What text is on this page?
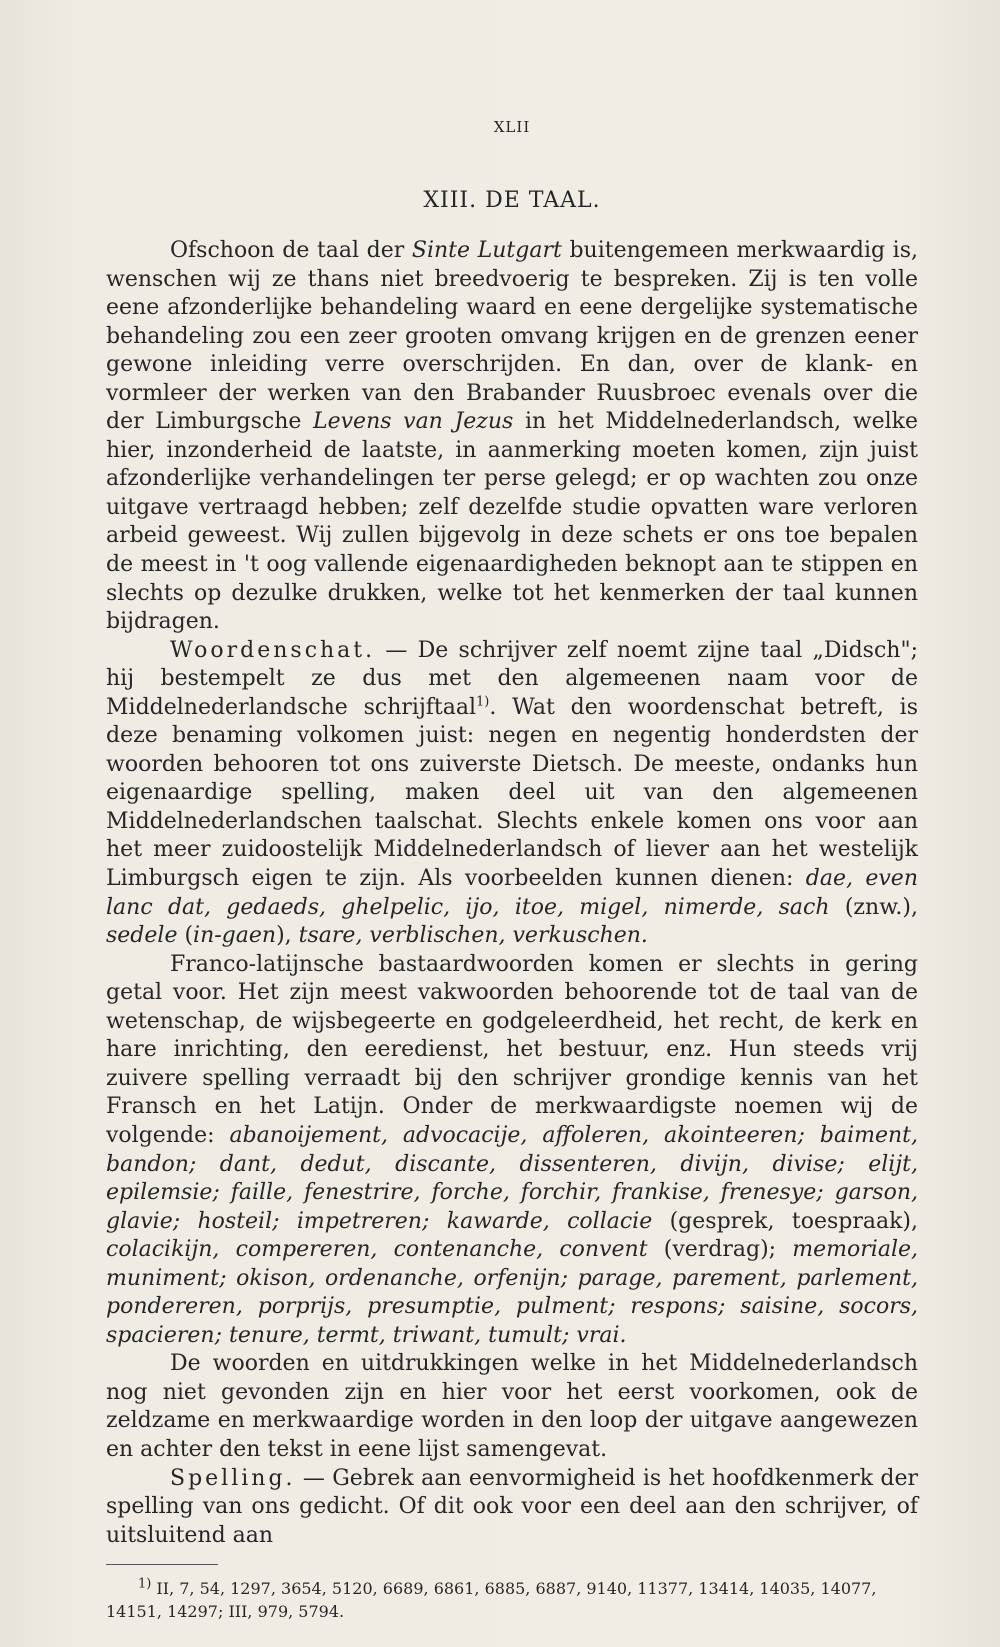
XLII
XIII. DE TAAL.

Ofschoon de taal der Sinte Lutgart buitengemeen merkwaardig is, wenschen wij ze thans niet breedvoerig te bespreken. Zij is ten volle eene afzonderlijke behandeling waard en eene dergelijke systematische behandeling zou een zeer grooten omvang krijgen en de grenzen eener gewone inleiding verre overschrijden. En dan, over de klank- en vormleer der werken van den Brabander Ruusbroec evenals over die der Limburgsche Levens van Jezus in het Middelnederlandsch, welke hier, inzonderheid de laatste, in aanmerking moeten komen, zijn juist afzonderlijke verhandelingen ter perse gelegd; er op wachten zou onze uitgave vertraagd hebben; zelf dezelfde studie opvatten ware verloren arbeid geweest. Wij zullen bijgevolg in deze schets er ons toe bepalen de meest in 't oog vallende eigenaardigheden beknopt aan te stippen en slechts op dezulke drukken, welke tot het kenmerken der taal kunnen bijdragen.

Woordenschat. — De schrijver zelf noemt zijne taal „Didsch"; hij bestempelt ze dus met den algemeenen naam voor de Middelnederlandsche schrijftaal$^{1)}$. Wat den woordenschat betreft, is deze benaming volkomen juist: negen en negentig honderdsten der woorden behooren tot ons zuiverste Dietsch. De meeste, ondanks hun eigenaardige spelling, maken deel uit van den algemeenen Middelnederlandschen taalschat. Slechts enkele komen ons voor aan het meer zuidoostelijk Middelnederlandsch of liever aan het westelijk Limburgsch eigen te zijn. Als voorbeelden kunnen dienen: dae, even lanc dat, gedaeds, ghelpelic, ijo, itoe, migel, nimerde, sach (znw.), sedele (in-gaen), tsare, verblischen, verkuschen.

Franco-latijnsche bastaardwoorden komen er slechts in gering getal voor. Het zijn meest vakwoorden behoorende tot de taal van de wetenschap, de wijsbegeerte en godgeleerdheid, het recht, de kerk en hare inrichting, den eeredienst, het bestuur, enz. Hun steeds vrij zuivere spelling verraadt bij den schrijver grondige kennis van het Fransch en het Latijn. Onder de merkwaardigste noemen wij de volgende: abanoijement, advocacije, affoleren, akointeeren; baiment, bandon; dant, dedut, discante, dissenteren, divijn, divise; elijt, epilemsie; faille, fenestrire, forche, forchir, frankise, frenesye; garson, glavie; hosteil; impetreren; kawarde, collacie (gesprek, toespraak), colacikijn, compereren, contenanche, convent (verdrag); memoriale, muniment; okison, ordenanche, orfenijn; parage, parement, parlement, pondereren, porprijs, presumptie, pulment; respons; saisine, socors, spacieren; tenure, termt, triwant, tumult; vrai.

De woorden en uitdrukkingen welke in het Middelnederlandsch nog niet gevonden zijn en hier voor het eerst voorkomen, ook de zeldzame en merkwaardige worden in den loop der uitgave aangewezen en achter den tekst in eene lijst samengevat.

Spelling. — Gebrek aan eenvormigheid is het hoofdkenmerk der spelling van ons gedicht. Of dit ook voor een deel aan den schrijver, of uitsluitend aan

$^{1)}$ II, 7, 54, 1297, 3654, 5120, 6689, 6861, 6885, 6887, 9140, 11377, 13414, 14035, 14077, 14151, 14297; III, 979, 5794.
